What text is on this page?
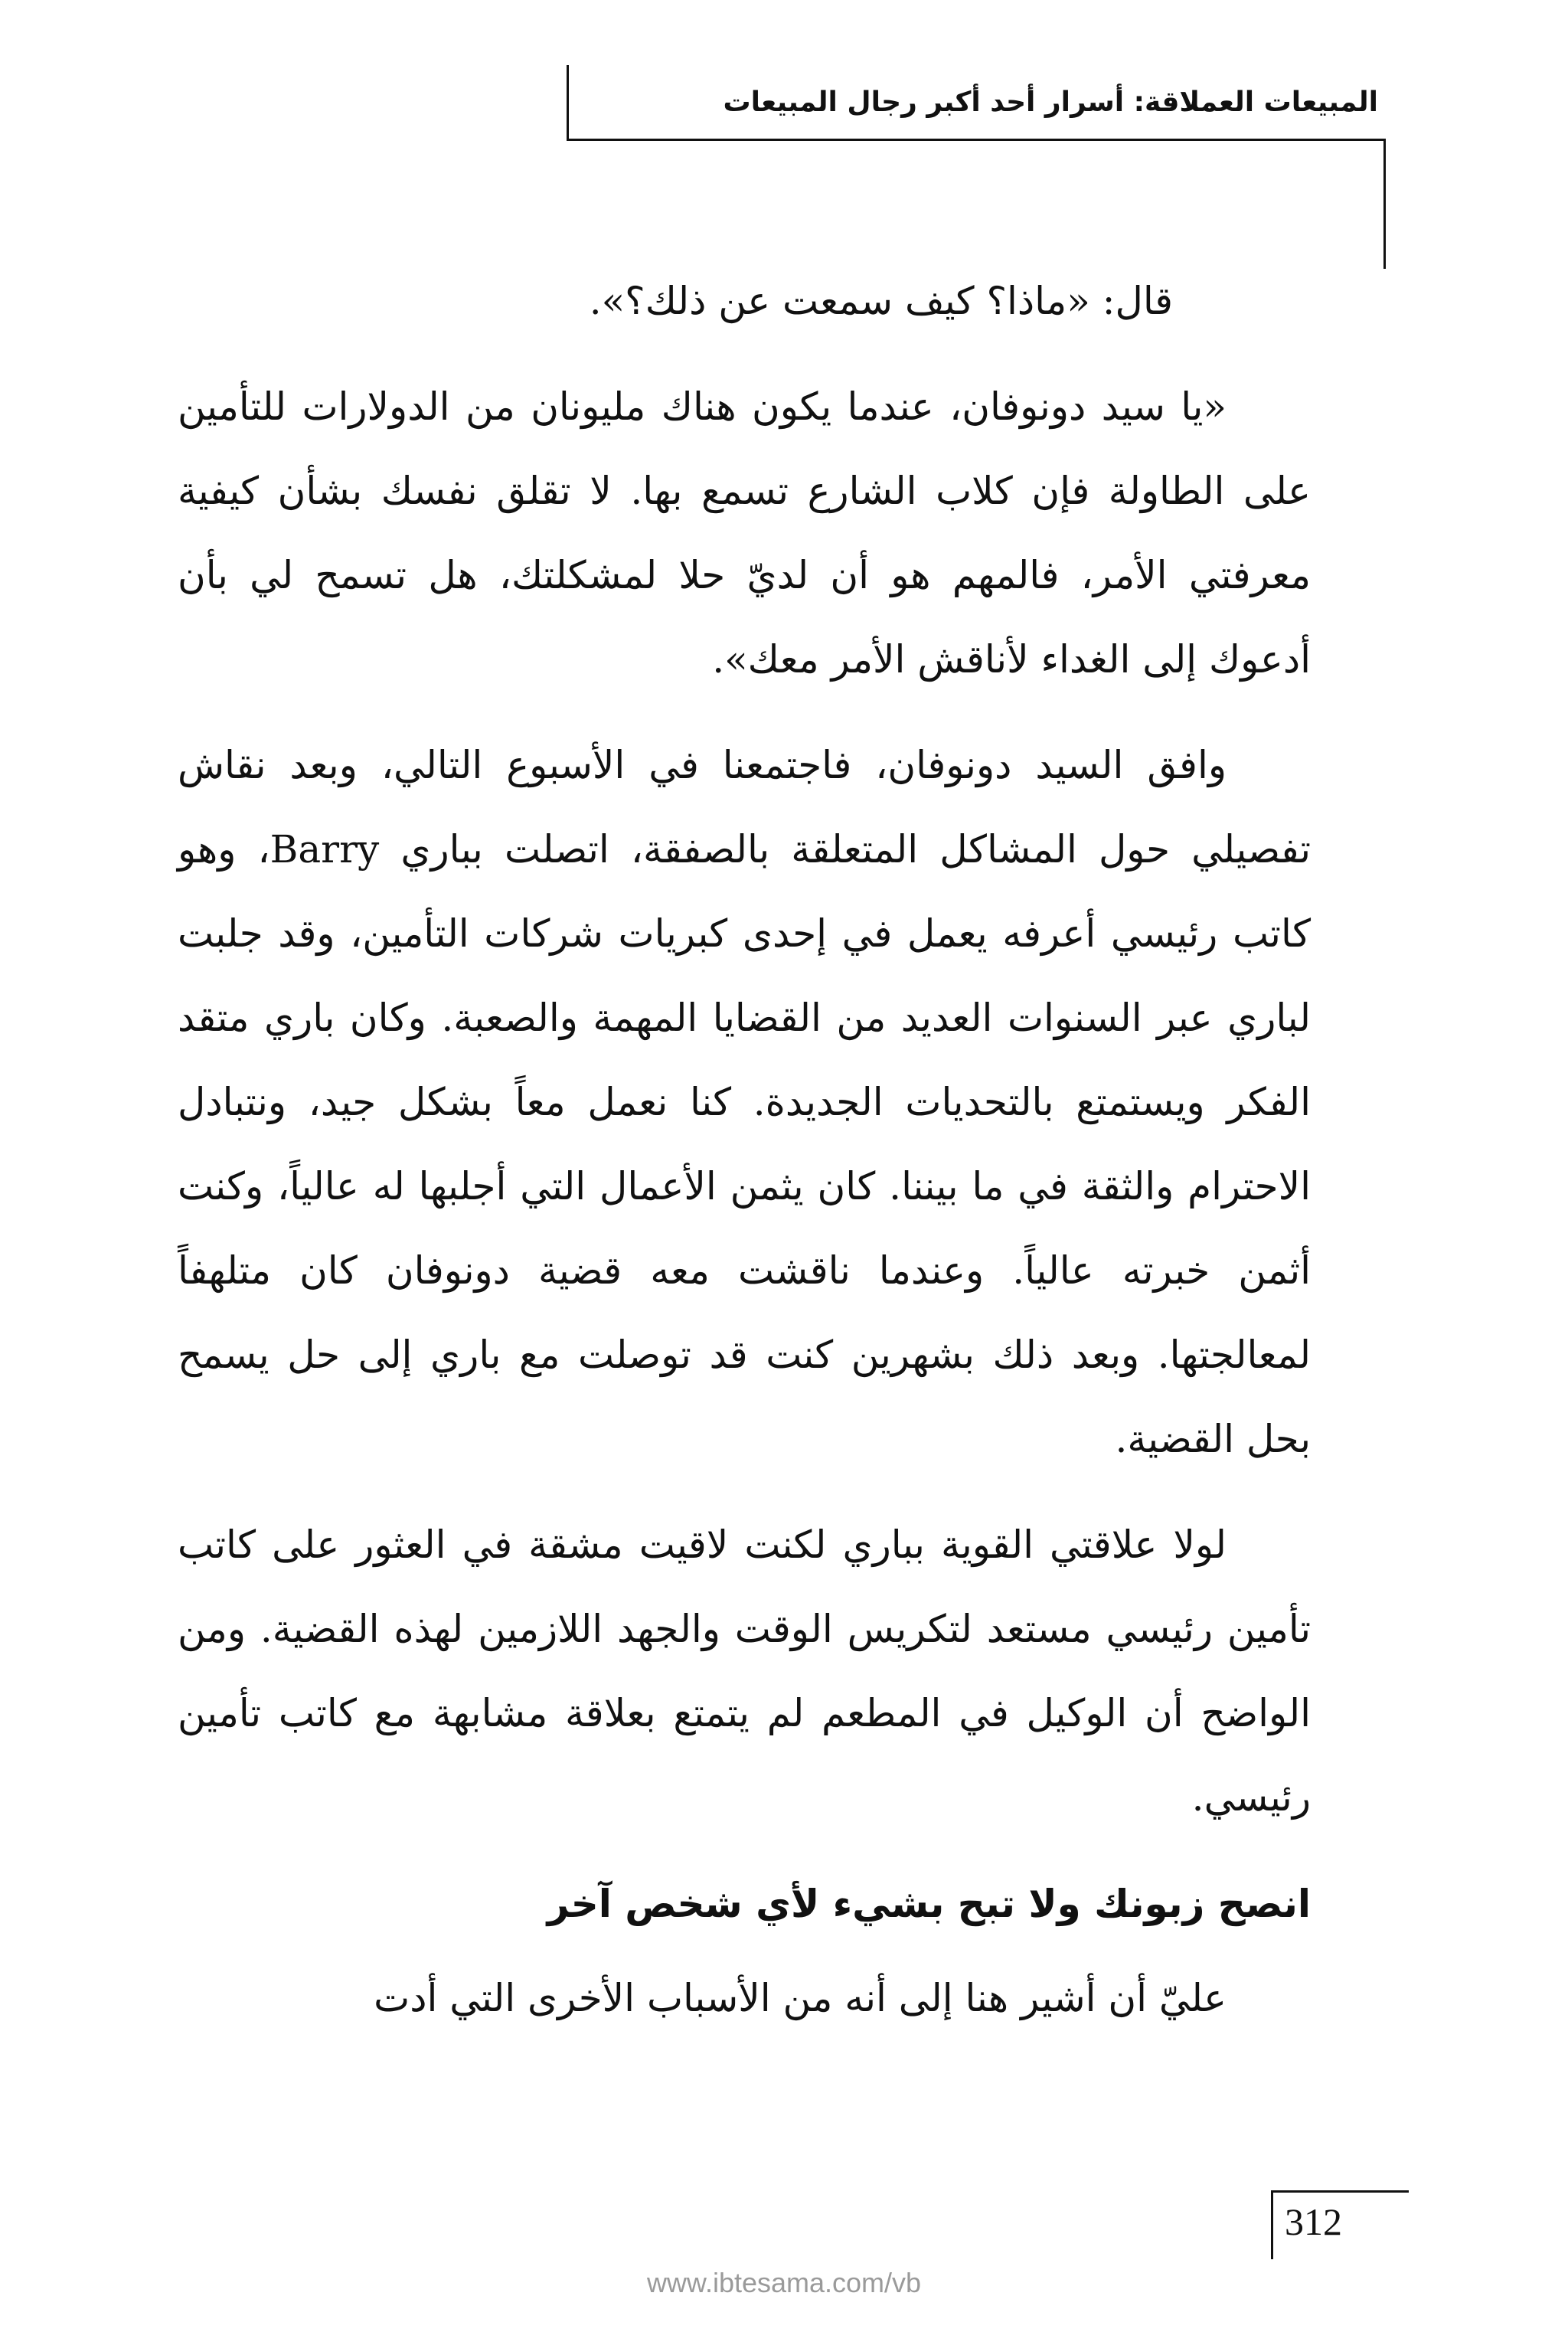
المبيعات العملاقة: أسرار أحد أكبر رجال المبيعات

قال: «ماذا؟ كيف سمعت عن ذلك؟».

«يا سيد دونوفان، عندما يكون هناك مليونان من الدولارات للتأمين على الطاولة فإن كلاب الشارع تسمع بها. لا تقلق نفسك بشأن كيفية معرفتي الأمر، فالمهم هو أن لديّ حلا لمشكلتك، هل تسمح لي بأن أدعوك إلى الغداء لأناقش الأمر معك».

وافق السيد دونوفان، فاجتمعنا في الأسبوع التالي، وبعد نقاش تفصيلي حول المشاكل المتعلقة بالصفقة، اتصلت بباري Barry، وهو كاتب رئيسي أعرفه يعمل في إحدى كبريات شركات التأمين، وقد جلبت لباري عبر السنوات العديد من القضايا المهمة والصعبة. وكان باري متقد الفكر ويستمتع بالتحديات الجديدة. كنا نعمل معاً بشكل جيد، ونتبادل الاحترام والثقة في ما بيننا. كان يثمن الأعمال التي أجلبها له عالياً، وكنت أثمن خبرته عالياً. وعندما ناقشت معه قضية دونوفان كان متلهفاً لمعالجتها. وبعد ذلك بشهرين كنت قد توصلت مع باري إلى حل يسمح بحل القضية.

لولا علاقتي القوية بباري لكنت لاقيت مشقة في العثور على كاتب تأمين رئيسي مستعد لتكريس الوقت والجهد اللازمين لهذه القضية. ومن الواضح أن الوكيل في المطعم لم يتمتع بعلاقة مشابهة مع كاتب تأمين رئيسي.

انصح زبونك ولا تبح بشيء لأي شخص آخر

عليّ أن أشير هنا إلى أنه من الأسباب الأخرى التي أدت

312
www.ibtesama.com/vb
